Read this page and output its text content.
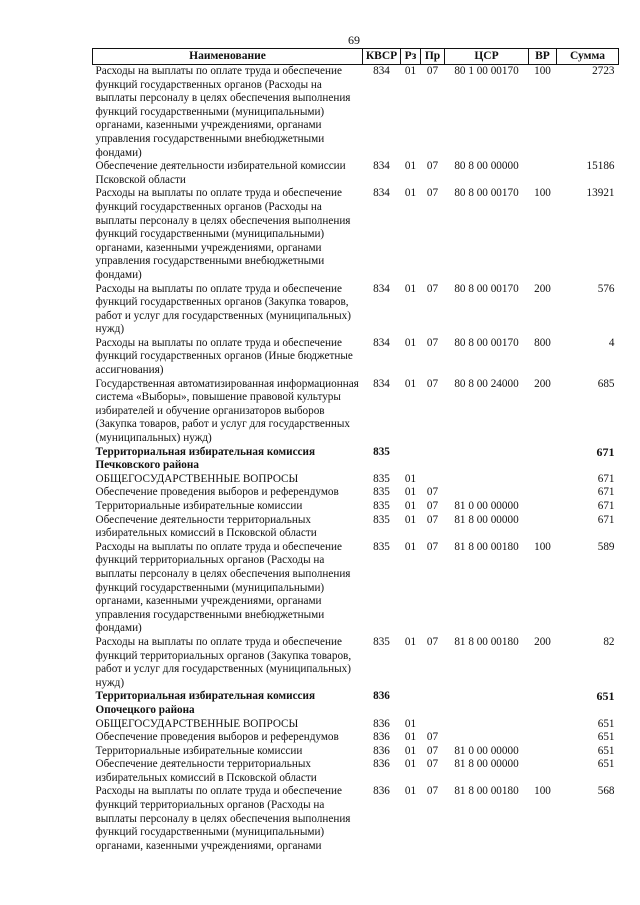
69
Наименование	КВСР	Рз	Пр	ЦСР	ВР	Сумма
Расходы на выплаты по оплате труда и обеспечение функций государственных органов (Расходы на выплаты персоналу в целях обеспечения выполнения функций государственными (муниципальными) органами, казенными учреждениями, органами управления государственными внебюджетными фондами)	834	01	07	80 1 00 00170	100	2723
Обеспечение деятельности избирательной комиссии Псковской области	834	01	07	80 8 00 00000		15186
Расходы на выплаты по оплате труда и обеспечение функций государственных органов (Расходы на выплаты персоналу в целях обеспечения выполнения функций государственными (муниципальными) органами, казенными учреждениями, органами управления государственными внебюджетными фондами)	834	01	07	80 8 00 00170	100	13921
Расходы на выплаты по оплате труда и обеспечение функций государственных органов (Закупка товаров, работ и услуг для государственных (муниципальных) нужд)	834	01	07	80 8 00 00170	200	576
Расходы на выплаты по оплате труда и обеспечение функций государственных органов (Иные бюджетные ассигнования)	834	01	07	80 8 00 00170	800	4
Государственная автоматизированная информационная система «Выборы», повышение правовой культуры избирателей и обучение организаторов выборов (Закупка товаров, работ и услуг для государственных (муниципальных) нужд)	834	01	07	80 8 00 24000	200	685
Территориальная избирательная комиссия Печковского района	835					671
ОБЩЕГОСУДАРСТВЕННЫЕ ВОПРОСЫ	835	01				671
Обеспечение проведения выборов и референдумов	835	01	07			671
Территориальные избирательные комиссии	835	01	07	81 0 00 00000		671
Обеспечение деятельности территориальных избирательных комиссий в Псковской области	835	01	07	81 8 00 00000		671
Расходы на выплаты по оплате труда и обеспечение функций территориальных органов (Расходы на выплаты персоналу в целях обеспечения выполнения функций государственными (муниципальными) органами, казенными учреждениями, органами управления государственными внебюджетными фондами)	835	01	07	81 8 00 00180	100	589
Расходы на выплаты по оплате труда и обеспечение функций территориальных органов (Закупка товаров, работ и услуг для государственных (муниципальных) нужд)	835	01	07	81 8 00 00180	200	82
Территориальная избирательная комиссия Опочецкого района	836					651
ОБЩЕГОСУДАРСТВЕННЫЕ ВОПРОСЫ	836	01				651
Обеспечение проведения выборов и референдумов	836	01	07			651
Территориальные избирательные комиссии	836	01	07	81 0 00 00000		651
Обеспечение деятельности территориальных избирательных комиссий в Псковской области	836	01	07	81 8 00 00000		651
Расходы на выплаты по оплате труда и обеспечение функций территориальных органов (Расходы на выплаты персоналу в целях обеспечения выполнения функций государственными (муниципальными) органами, казенными учреждениями, органами	836	01	07	81 8 00 00180	100	568
